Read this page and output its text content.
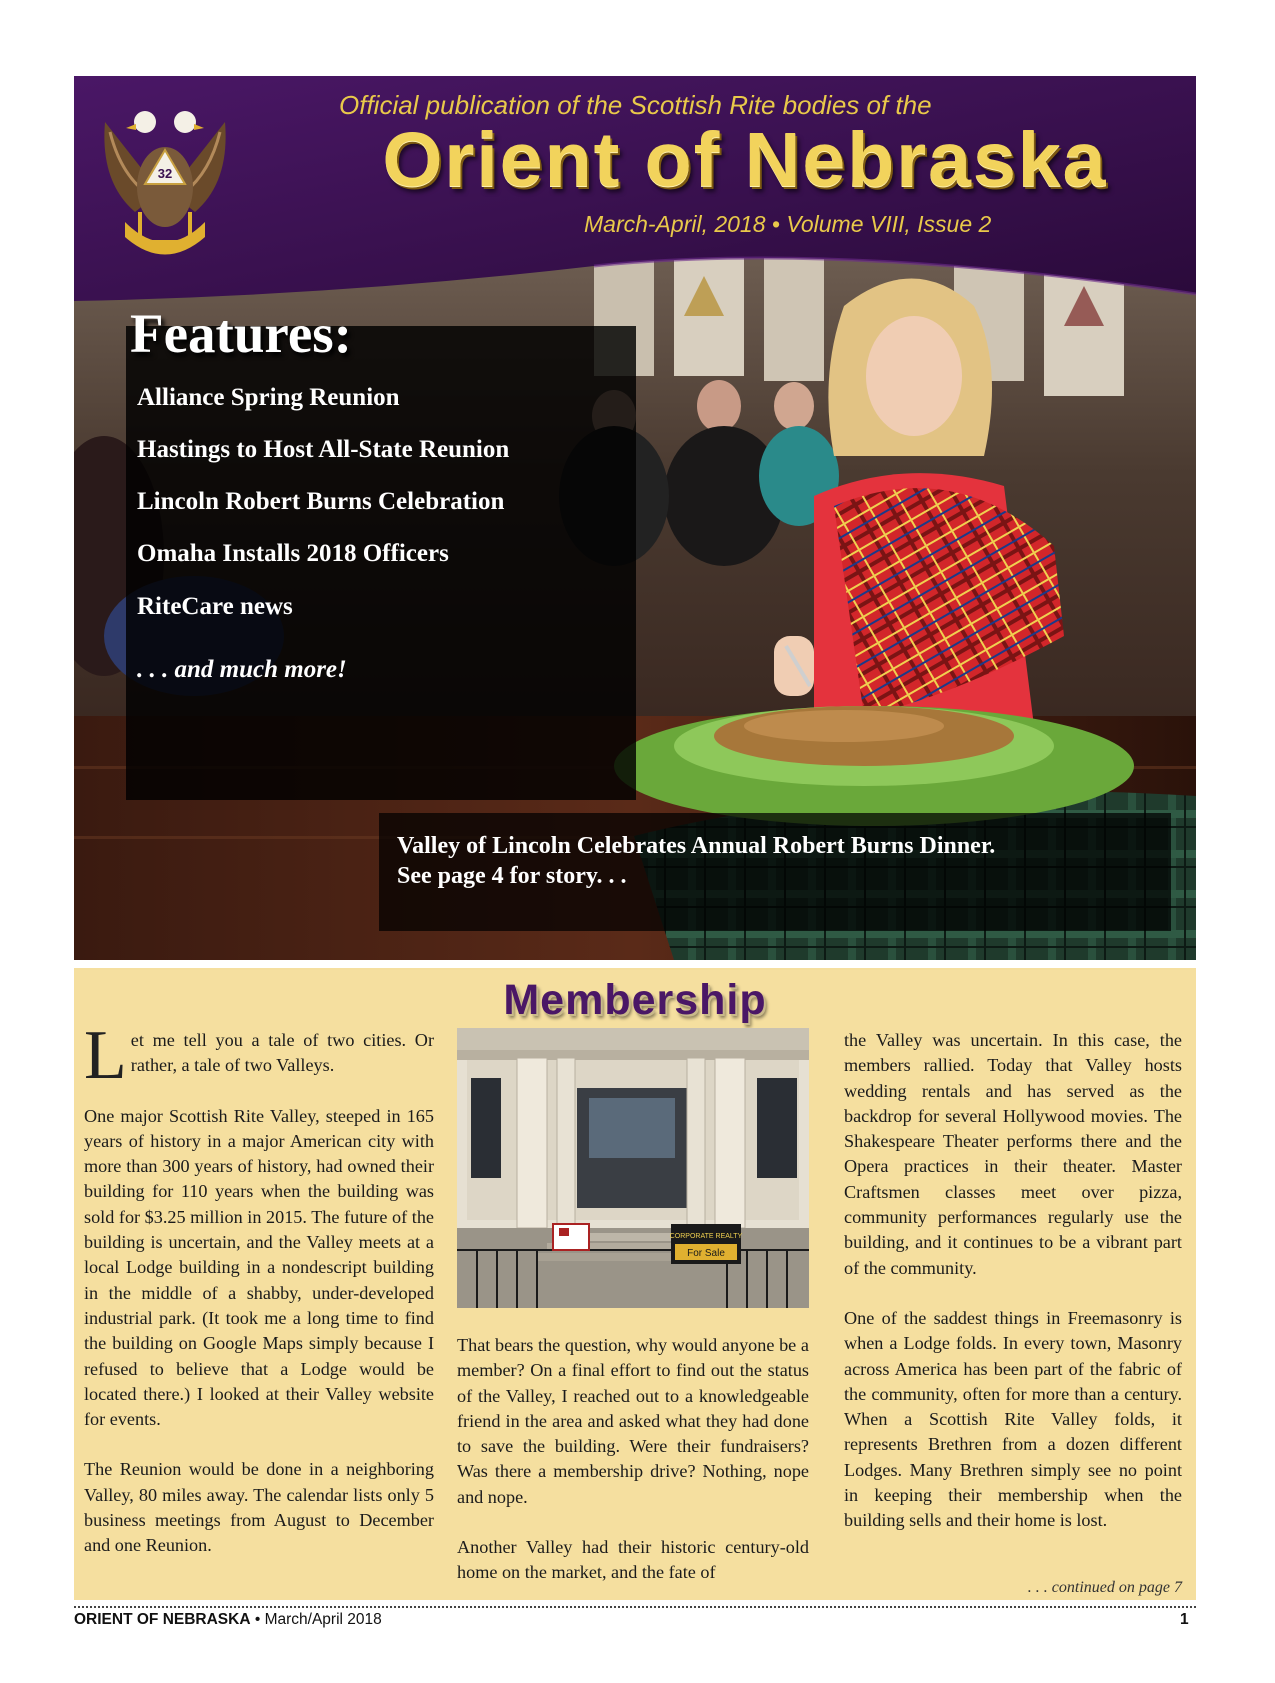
32

Official publication of the Scottish Rite bodies of the

Orient of Nebraska

March-April, 2018 • Volume VIII, Issue 2

Features:

Alliance Spring Reunion

Hastings to Host All-State Reunion

Lincoln Robert Burns Celebration

Omaha Installs 2018 Officers

RiteCare news

. . . and much more!

Valley of Lincoln Celebrates Annual Robert Burns Dinner.

See page 4 for story. . .

Membership

Let me tell you a tale of two cities. Or rather, a tale of two Valleys.

One major Scottish Rite Valley, steeped in 165 years of history in a major American city with more than 300 years of history, had owned their building for 110 years when the building was sold for $3.25 million in 2015. The future of the building is uncertain, and the Valley meets at a local Lodge building in a nondescript building in the middle of a shabby, under-developed industrial park. (It took me a long time to find the building on Google Maps simply because I refused to believe that a Lodge would be located there.) I looked at their Valley website for events.

The Reunion would be done in a neighboring Valley, 80 miles away. The calendar lists only 5 business meetings from August to December and one Reunion.

CORPORATE REALTY
For Sale

That bears the question, why would anyone be a member? On a final effort to find out the status of the Valley, I reached out to a knowledgeable friend in the area and asked what they had done to save the building. Were their fundraisers? Was there a membership drive? Nothing, nope and nope.

Another Valley had their historic century-old home on the market, and the fate of

the Valley was uncertain. In this case, the members rallied. Today that Valley hosts wedding rentals and has served as the backdrop for several Hollywood movies. The Shakespeare Theater performs there and the Opera practices in their theater. Master Craftsmen classes meet over pizza, community performances regularly use the building, and it continues to be a vibrant part of the community.

One of the saddest things in Freemasonry is when a Lodge folds. In every town, Masonry across America has been part of the fabric of the community, often for more than a century. When a Scottish Rite Valley folds, it represents Brethren from a dozen different Lodges. Many Brethren simply see no point in keeping their membership when the building sells and their home is lost.

. . . continued on page 7

ORIENT OF NEBRASKA • March/April 2018	1
